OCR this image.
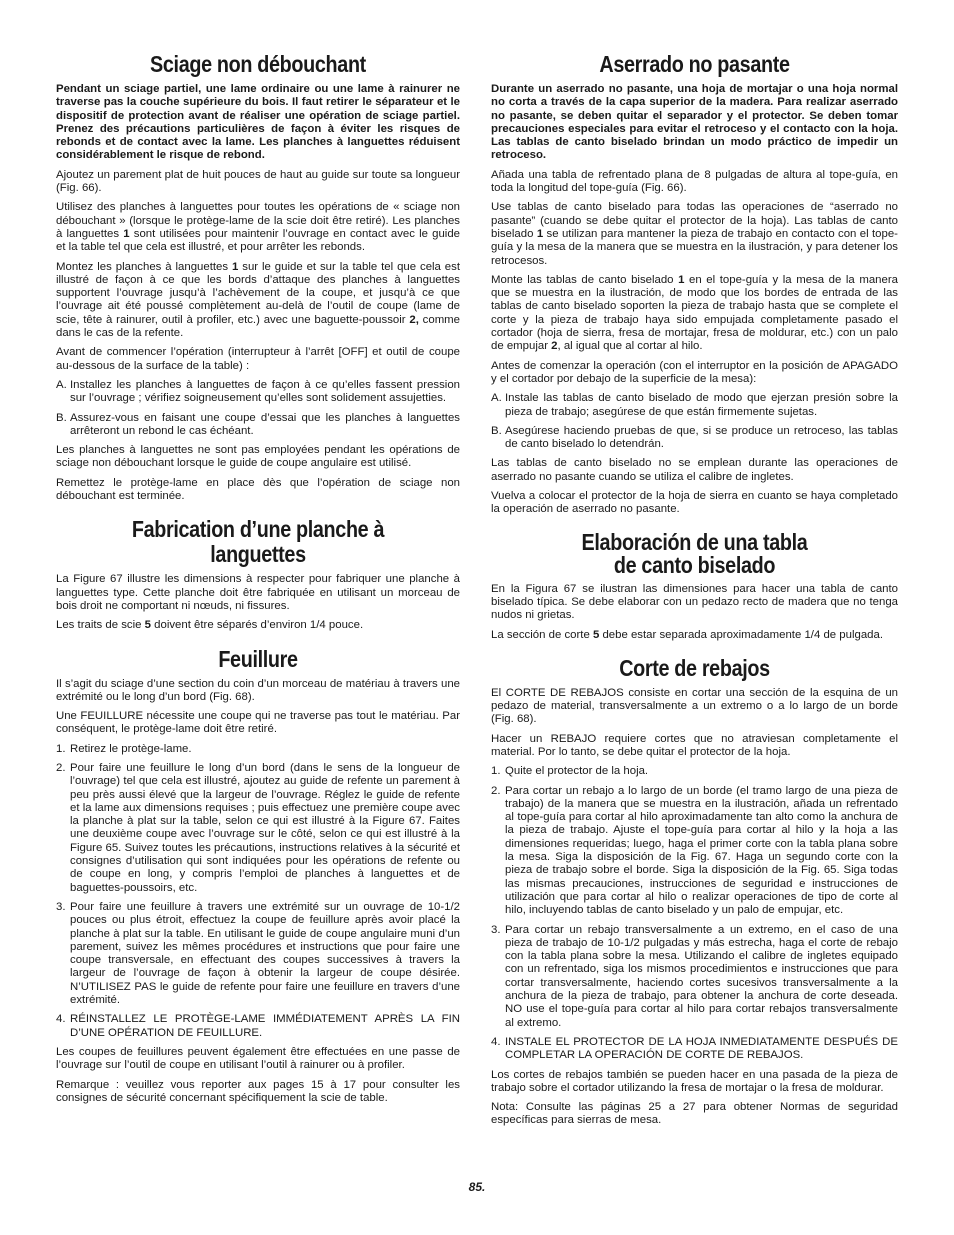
Sciage non débouchant

Pendant un sciage partiel, une lame ordinaire ou une lame à rainurer ne traverse pas la couche supérieure du bois. Il faut retirer le séparateur et le dispositif de protection avant de réaliser une opération de sciage partiel. Prenez des précautions particulières de façon à éviter les risques de rebonds et de contact avec la lame. Les planches à languettes réduisent considérablement le risque de rebond.

Ajoutez un parement plat de huit pouces de haut au guide sur toute sa longueur (Fig. 66).

Utilisez des planches à languettes pour toutes les opérations de « sciage non débouchant » (lorsque le protège-lame de la scie doit être retiré). Les planches à languettes 1 sont utilisées pour maintenir l’ouvrage en contact avec le guide et la table tel que cela est illustré, et pour arrêter les rebonds.

Montez les planches à languettes 1 sur le guide et sur la table tel que cela est illustré de façon à ce que les bords d’attaque des planches à languettes supportent l’ouvrage jusqu’à l’achèvement de la coupe, et jusqu’à ce que l’ouvrage ait été poussé complètement au-delà de l’outil de coupe (lame de scie, tête à rainurer, outil à profiler, etc.) avec une baguette-poussoir 2, comme dans le cas de la refente.

Avant de commencer l’opération (interrupteur à l’arrêt [OFF] et outil de coupe au-dessous de la surface de la table) :

A. Installez les planches à languettes de façon à ce qu’elles fassent pression sur l’ouvrage ; vérifiez soigneusement qu’elles sont solidement assujetties.
B. Assurez-vous en faisant une coupe d’essai que les planches à languettes arrêteront un rebond le cas échéant.

Les planches à languettes ne sont pas employées pendant les opérations de sciage non débouchant lorsque le guide de coupe angulaire est utilisé.

Remettez le protège-lame en place dès que l’opération de sciage non débouchant est terminée.

Fabrication d’une planche à languettes

La Figure 67 illustre les dimensions à respecter pour fabriquer une planche à languettes type. Cette planche doit être fabriquée en utilisant un morceau de bois droit ne comportant ni nœuds, ni fissures.

Les traits de scie 5 doivent être séparés d’environ 1/4 pouce.

Feuillure

Il s’agit du sciage d’une section du coin d’un morceau de matériau à travers une extrémité ou le long d’un bord (Fig. 68).

Une FEUILLURE nécessite une coupe qui ne traverse pas tout le matériau. Par conséquent, le protège-lame doit être retiré.

1. Retirez le protège-lame.
2. Pour faire une feuillure le long d’un bord (dans le sens de la longueur de l’ouvrage) tel que cela est illustré, ajoutez au guide de refente un parement à peu près aussi élevé que la largeur de l’ouvrage. Réglez le guide de refente et la lame aux dimensions requises ; puis effectuez une première coupe avec la planche à plat sur la table, selon ce qui est illustré à la Figure 67. Faites une deuxième coupe avec l’ouvrage sur le côté, selon ce qui est illustré à la Figure 65. Suivez toutes les précautions, instructions relatives à la sécurité et consignes d’utilisation qui sont indiquées pour les opérations de refente ou de coupe en long, y compris l’emploi de planches à languettes et de baguettes-poussoirs, etc.
3. Pour faire une feuillure à travers une extrémité sur un ouvrage de 10-1/2 pouces ou plus étroit, effectuez la coupe de feuillure après avoir placé la planche à plat sur la table. En utilisant le guide de coupe angulaire muni d’un parement, suivez les mêmes procédures et instructions que pour faire une coupe transversale, en effectuant des coupes successives à travers la largeur de l’ouvrage de façon à obtenir la largeur de coupe désirée. N’UTILISEZ PAS le guide de refente pour faire une feuillure en travers d’une extrémité.
4. RÉINSTALLEZ LE PROTÈGE-LAME IMMÉDIATEMENT APRÈS LA FIN D’UNE OPÉRATION DE FEUILLURE.

Les coupes de feuillures peuvent également être effectuées en une passe de l’ouvrage sur l’outil de coupe en utilisant l’outil à rainurer ou à profiler.

Remarque : veuillez vous reporter aux pages 15 à 17 pour consulter les consignes de sécurité concernant spécifiquement la scie de table.

Aserrado no pasante

Durante un aserrado no pasante, una hoja de mortajar o una hoja normal no corta a través de la capa superior de la madera. Para realizar aserrado no pasante, se deben quitar el separador y el protector. Se deben tomar precauciones especiales para evitar el retroceso y el contacto con la hoja. Las tablas de canto biselado brindan un modo práctico de impedir un retroceso.

Añada una tabla de refrentado plana de 8 pulgadas de altura al tope-guía, en toda la longitud del tope-guía (Fig. 66).

Use tablas de canto biselado para todas las operaciones de “aserrado no pasante” (cuando se debe quitar el protector de la hoja). Las tablas de canto biselado 1 se utilizan para mantener la pieza de trabajo en contacto con el tope-guía y la mesa de la manera que se muestra en la ilustración, y para detener los retrocesos.

Monte las tablas de canto biselado 1 en el tope-guía y la mesa de la manera que se muestra en la ilustración, de modo que los bordes de entrada de las tablas de canto biselado soporten la pieza de trabajo hasta que se complete el corte y la pieza de trabajo haya sido empujada completamente pasado el cortador (hoja de sierra, fresa de mortajar, fresa de moldurar, etc.) con un palo de empujar 2, al igual que al cortar al hilo.

Antes de comenzar la operación (con el interruptor en la posición de APAGADO y el cortador por debajo de la superficie de la mesa):

A. Instale las tablas de canto biselado de modo que ejerzan presión sobre la pieza de trabajo; asegúrese de que están firmemente sujetas.
B. Asegúrese haciendo pruebas de que, si se produce un retroceso, las tablas de canto biselado lo detendrán.

Las tablas de canto biselado no se emplean durante las operaciones de aserrado no pasante cuando se utiliza el calibre de ingletes.

Vuelva a colocar el protector de la hoja de sierra en cuanto se haya completado la operación de aserrado no pasante.

Elaboración de una tabla
de canto biselado

En la Figura 67 se ilustran las dimensiones para hacer una tabla de canto biselado típica. Se debe elaborar con un pedazo recto de madera que no tenga nudos ni grietas.

La sección de corte 5 debe estar separada aproximadamente 1/4 de pulgada.

Corte de rebajos

El CORTE DE REBAJOS consiste en cortar una sección de la esquina de un pedazo de material, transversalmente a un extremo o a lo largo de un borde (Fig. 68).

Hacer un REBAJO requiere cortes que no atraviesan completamente el material. Por lo tanto, se debe quitar el protector de la hoja.

1. Quite el protector de la hoja.
2. Para cortar un rebajo a lo largo de un borde (el tramo largo de una pieza de trabajo) de la manera que se muestra en la ilustración, añada un refrentado al tope-guía para cortar al hilo aproximadamente tan alto como la anchura de la pieza de trabajo. Ajuste el tope-guía para cortar al hilo y la hoja a las dimensiones requeridas; luego, haga el primer corte con la tabla plana sobre la mesa. Siga la disposición de la Fig. 67. Haga un segundo corte con la pieza de trabajo sobre el borde. Siga la disposición de la Fig. 65. Siga todas las mismas precauciones, instrucciones de seguridad e instrucciones de utilización que para cortar al hilo o realizar operaciones de tipo de corte al hilo, incluyendo tablas de canto biselado y un palo de empujar, etc.
3. Para cortar un rebajo transversalmente a un extremo, en el caso de una pieza de trabajo de 10-1/2 pulgadas y más estrecha, haga el corte de rebajo con la tabla plana sobre la mesa. Utilizando el calibre de ingletes equipado con un refrentado, siga los mismos procedimientos e instrucciones que para cortar transversalmente, haciendo cortes sucesivos transversalmente a la anchura de la pieza de trabajo, para obtener la anchura de corte deseada. NO use el tope-guía para cortar al hilo para cortar rebajos transversalmente al extremo.
4. INSTALE EL PROTECTOR DE LA HOJA INMEDIATAMENTE DESPUÉS DE COMPLETAR LA OPERACIÓN DE CORTE DE REBAJOS.

Los cortes de rebajos también se pueden hacer en una pasada de la pieza de trabajo sobre el cortador utilizando la fresa de mortajar o la fresa de moldurar.

Nota: Consulte las páginas 25 a 27 para obtener Normas de seguridad específicas para sierras de mesa.

85.
